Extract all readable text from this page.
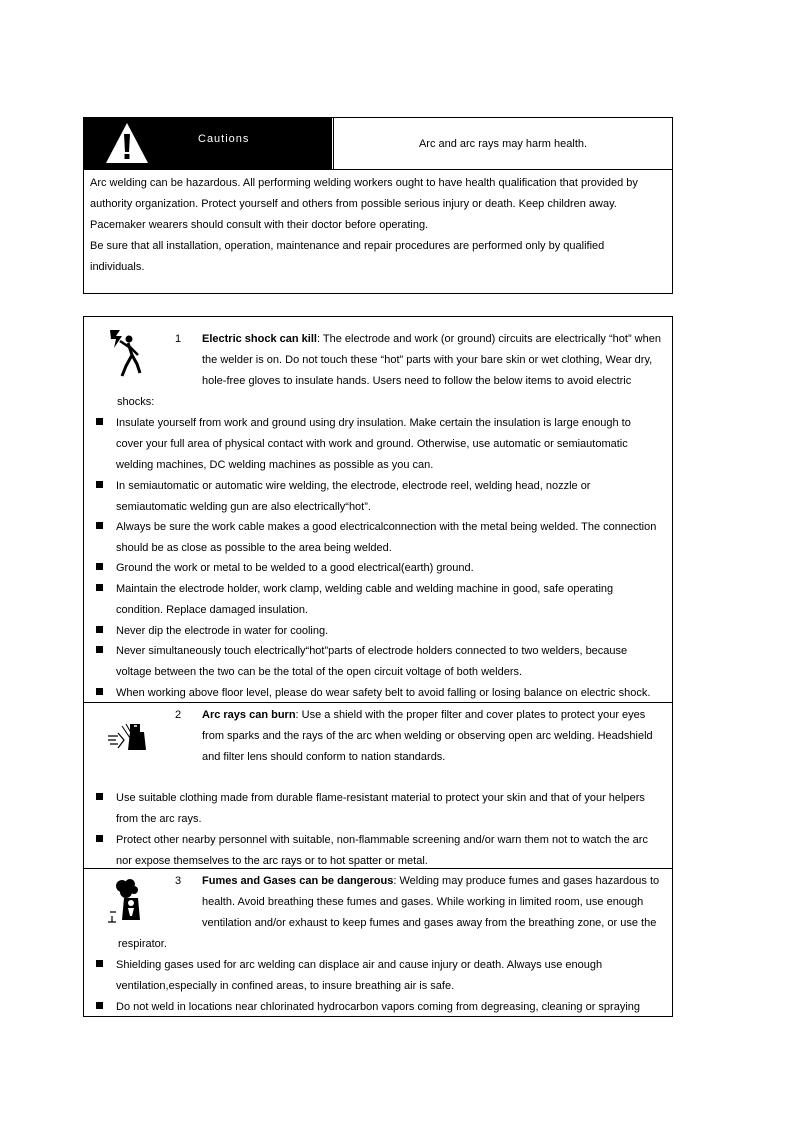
Cautions	Arc and arc rays may harm health.

Arc welding can be hazardous. All performing welding workers ought to have health qualification that provided by

authority organization. Protect yourself and others from possible serious injury or death. Keep children away.

Pacemaker wearers should consult with their doctor before operating.

Be sure that all installation, operation, maintenance and repair procedures are performed only by qualified

individuals.

1 Electric shock can kill: The electrode and work (or ground) circuits are electrically “hot” when
the welder is on. Do not touch these “hot” parts with your bare skin or wet clothing, Wear dry,
hole-free gloves to insulate hands. Users need to follow the below items to avoid electric
shocks:
Insulate yourself from work and ground using dry insulation. Make certain the insulation is large enough to
cover your full area of physical contact with work and ground. Otherwise, use automatic or semiautomatic
welding machines, DC welding machines as possible as you can.
In semiautomatic or automatic wire welding, the electrode, electrode reel, welding head, nozzle or
semiautomatic welding gun are also electrically“hot”.
Always be sure the work cable makes a good electricalconnection with the metal being welded. The connection
should be as close as possible to the area being welded.
Ground the work or metal to be welded to a good electrical(earth) ground.
Maintain the electrode holder, work clamp, welding cable and welding machine in good, safe operating
condition. Replace damaged insulation.
Never dip the electrode in water for cooling.
Never simultaneously touch electrically“hot”parts of electrode holders connected to two welders, because
voltage between the two can be the total of the open circuit voltage of both welders.
When working above floor level, please do wear safety belt to avoid falling or losing balance on electric shock.
2 Arc rays can burn: Use a shield with the proper filter and cover plates to protect your eyes
from sparks and the rays of the arc when welding or observing open arc welding. Headshield
and filter lens should conform to nation standards.
Use suitable clothing made from durable flame-resistant material to protect your skin and that of your helpers
from the arc rays.
Protect other nearby personnel with suitable, non-flammable screening and/or warn them not to watch the arc
nor expose themselves to the arc rays or to hot spatter or metal.
3 Fumes and Gases can be dangerous: Welding may produce fumes and gases hazardous to
health. Avoid breathing these fumes and gases. While working in limited room, use enough
ventilation and/or exhaust to keep fumes and gases away from the breathing zone, or use the
respirator.
Shielding gases used for arc welding can displace air and cause injury or death. Always use enough
ventilation,especially in confined areas, to insure breathing air is safe.
Do not weld in locations near chlorinated hydrocarbon vapors coming from degreasing, cleaning or spraying
